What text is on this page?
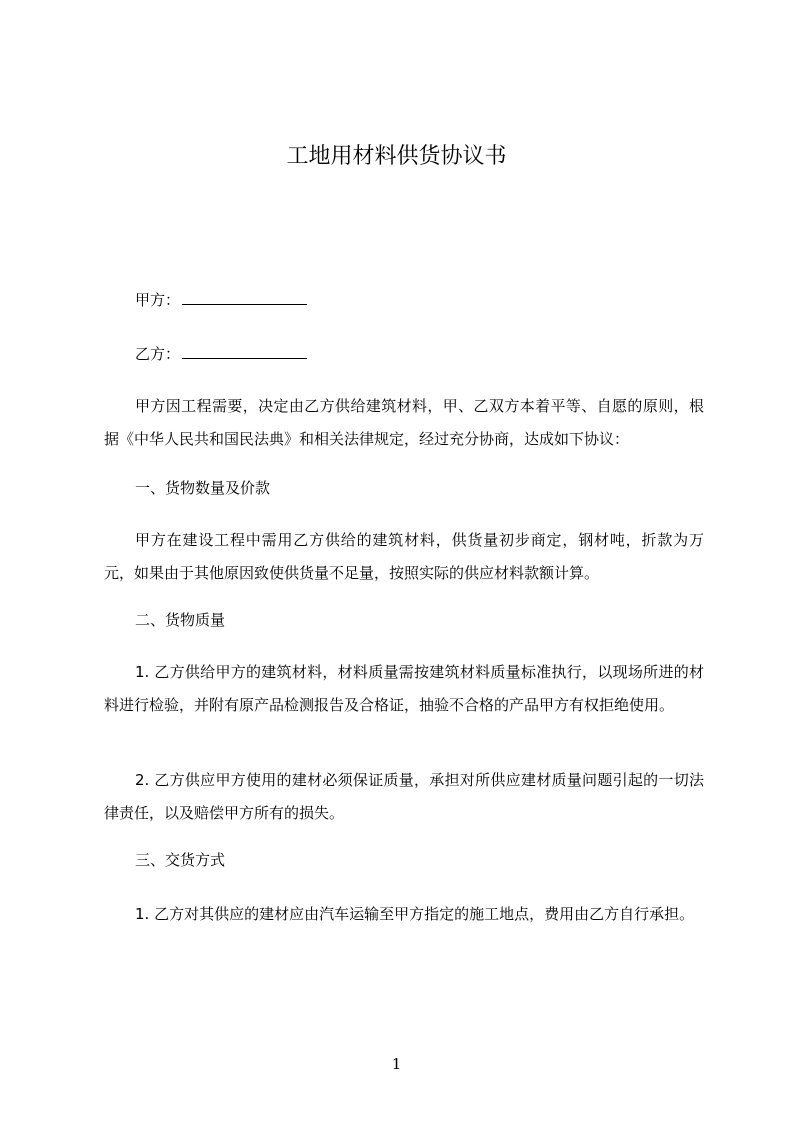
工地用材料供货协议书
甲方：
乙方：
甲方因工程需要，决定由乙方供给建筑材料，甲、乙双方本着平等、自愿的原则，根据《中华人民共和国民法典》和相关法律规定，经过充分协商，达成如下协议：
一、货物数量及价款
甲方在建设工程中需用乙方供给的建筑材料，供货量初步商定，钢材吨，折款为万元，如果由于其他原因致使供货量不足量，按照实际的供应材料款额计算。
二、货物质量
1. 乙方供给甲方的建筑材料，材料质量需按建筑材料质量标准执行，以现场所进的材料进行检验，并附有原产品检测报告及合格证，抽验不合格的产品甲方有权拒绝使用。
2. 乙方供应甲方使用的建材必须保证质量，承担对所供应建材质量问题引起的一切法律责任，以及赔偿甲方所有的损失。
三、交货方式
1. 乙方对其供应的建材应由汽车运输至甲方指定的施工地点，费用由乙方自行承担。
1
